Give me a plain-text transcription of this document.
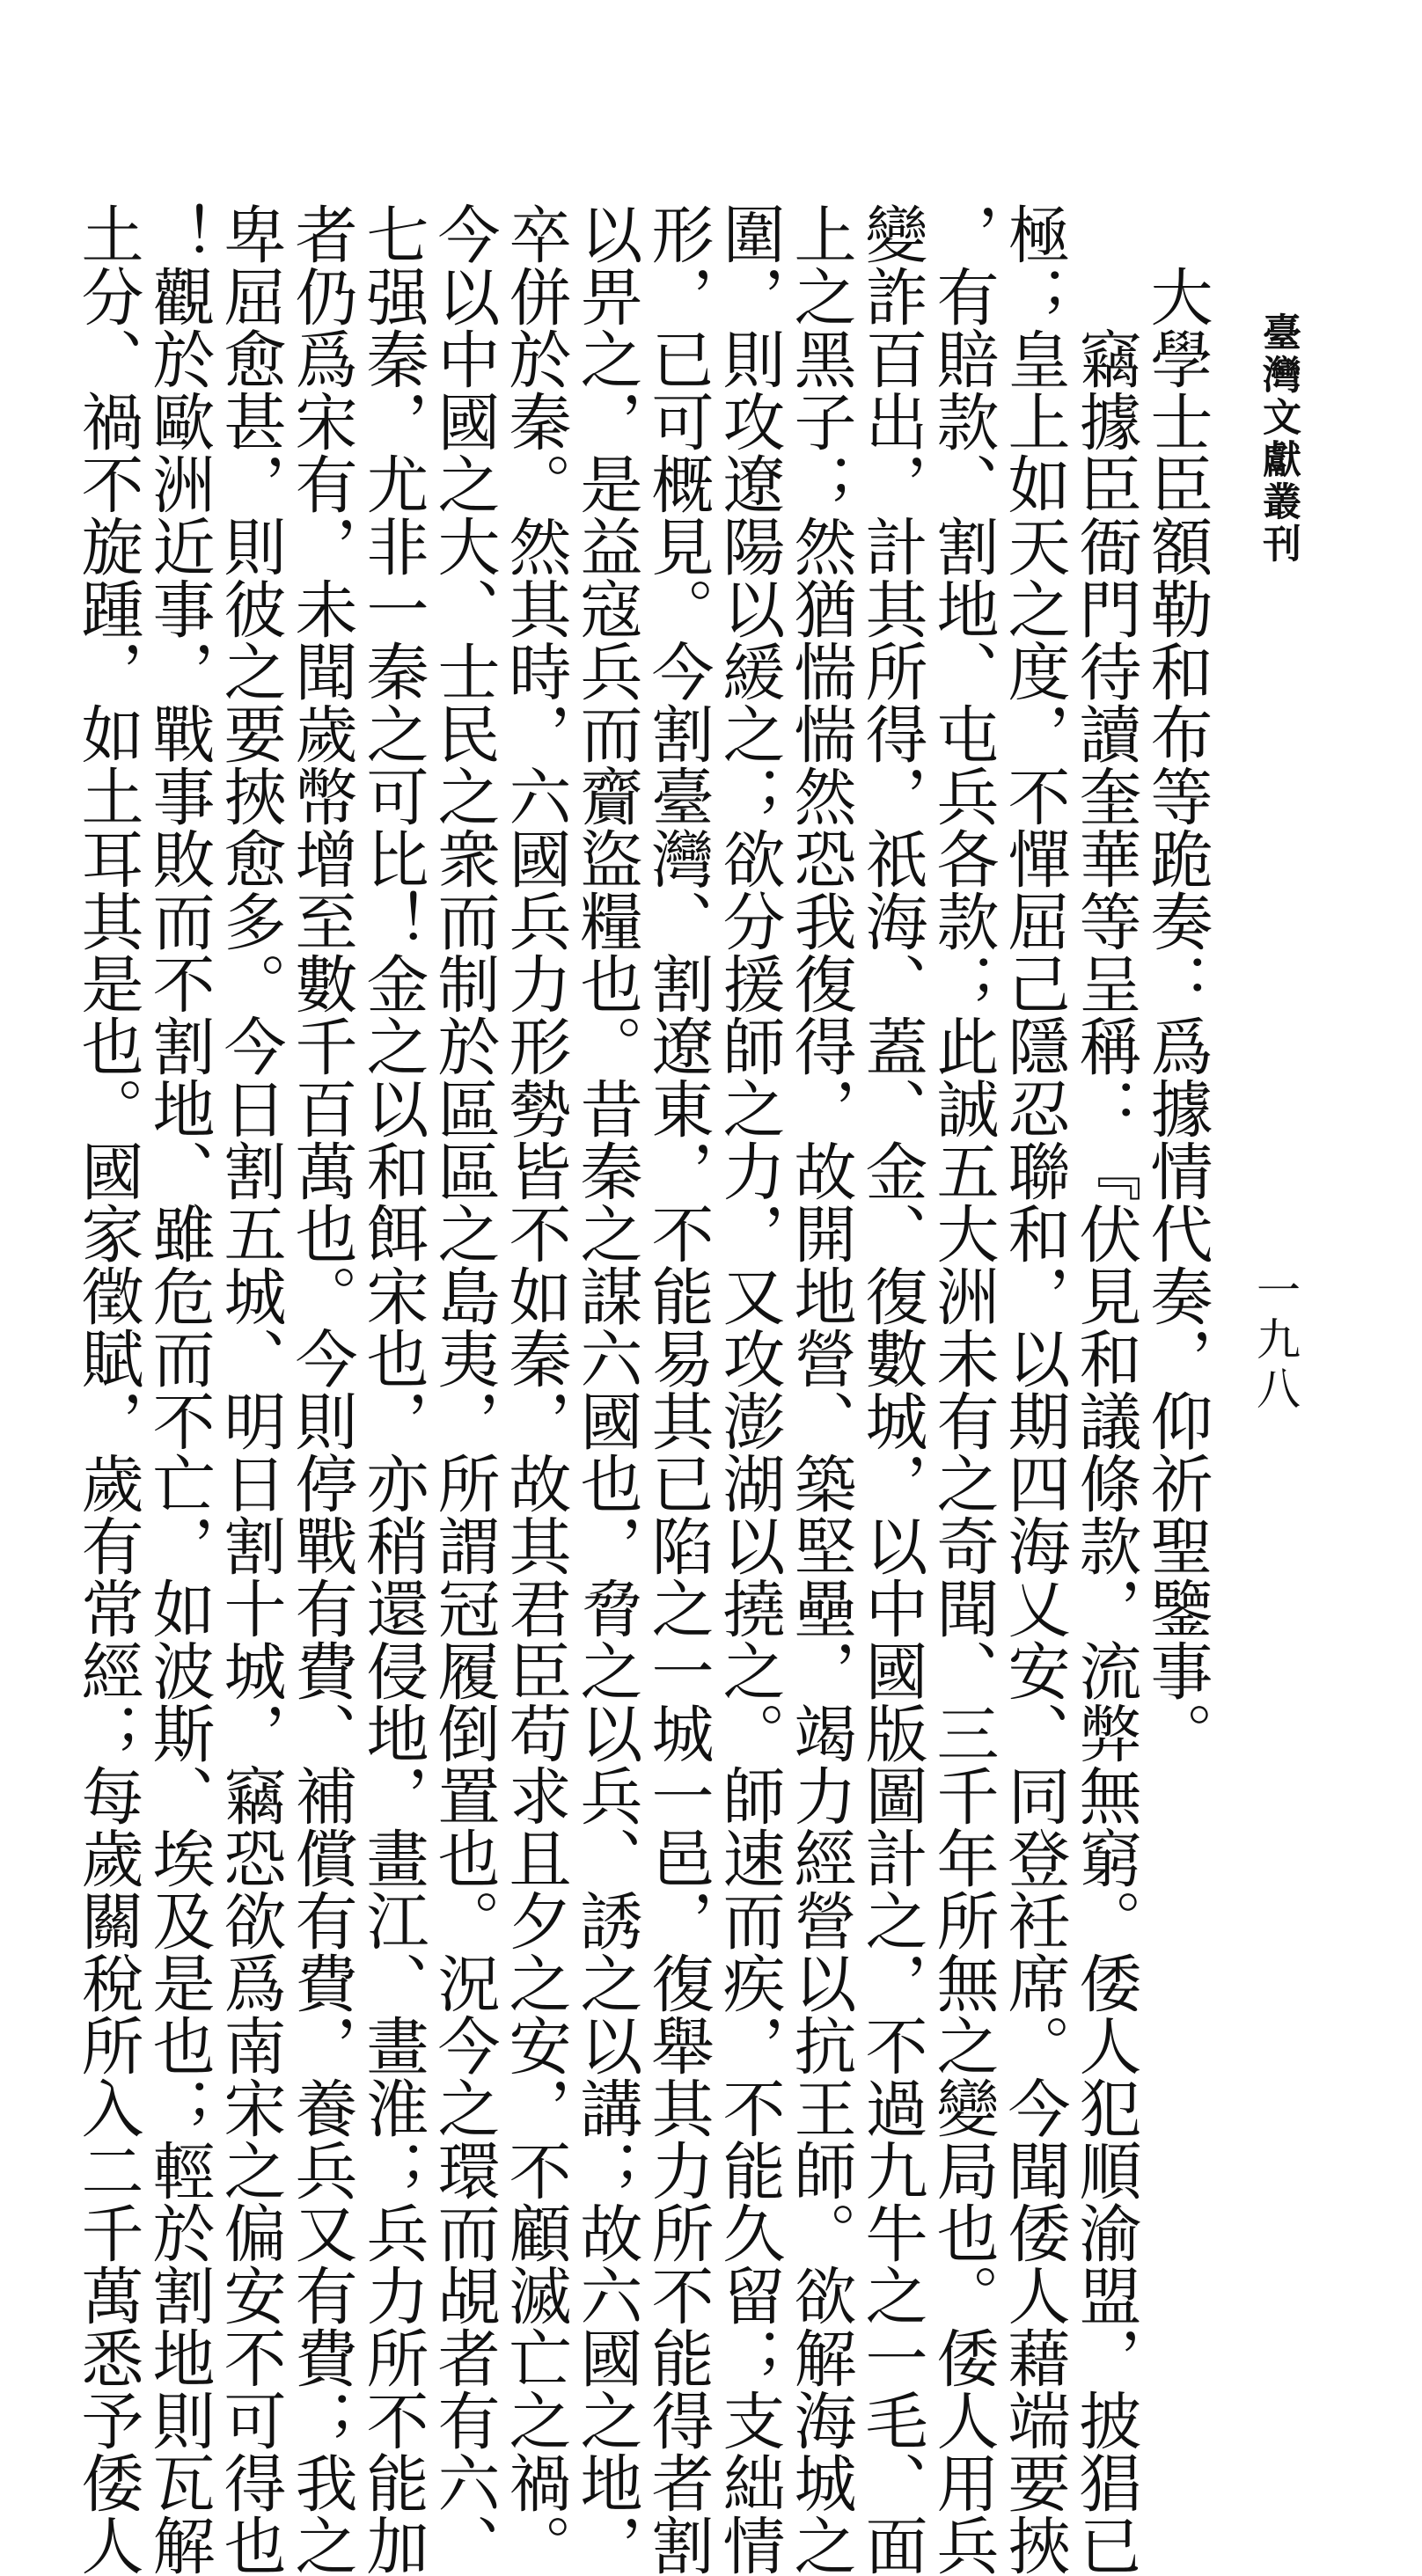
臺灣文獻叢刊
一九八

　大學士臣額勒和布等跪奏：爲據情代奏，仰祈聖鑒事。

　　竊據臣衙門待讀奎華等呈稱：『伏見和議條款，流弊無窮。倭人犯順渝盟，披猖已

極；皇上如天之度，不憚屈己隱忍聯和，以期四海乂安、同登衽席。今聞倭人藉端要挾

，有賠款、割地、屯兵各款；此誠五大洲未有之奇聞、三千年所無之變局也。倭人用兵

變詐百出，計其所得，祇海、蓋、金、復數城，以中國版圖計之，不過九牛之一毛、面

上之黑子；然猶惴惴然恐我復得，故開地營、築堅壘，竭力經營以抗王師。欲解海城之

圍，則攻遼陽以緩之；欲分援師之力，又攻澎湖以撓之。師速而疾，不能久留；支絀情

形，已可概見。今割臺灣、割遼東，不能易其已陷之一城一邑，復舉其力所不能得者割

以畀之，是益寇兵而齎盜糧也。昔秦之謀六國也，脅之以兵、誘之以講；故六國之地，

卒併於秦。然其時，六國兵力形勢皆不如秦，故其君臣苟求且夕之安，不顧滅亡之禍。

今以中國之大、士民之衆而制於區區之島夷，所謂冠履倒置也。況今之環而覘者有六、

七强秦，尤非一秦之可比！金之以和餌宋也，亦稍還侵地，畫江、畫淮；兵力所不能加

者仍爲宋有，未聞歲幣增至數千百萬也。今則停戰有費、補償有費，養兵又有費；我之

卑屈愈甚，則彼之要挾愈多。今日割五城、明日割十城，竊恐欲爲南宋之偏安不可得也

！觀於歐洲近事，戰事敗而不割地、雖危而不亡，如波斯、埃及是也；輕於割地則瓦解

土分、禍不旋踵，如土耳其是也。國家徵賦，歲有常經；每歲關稅所入二千萬悉予倭人
